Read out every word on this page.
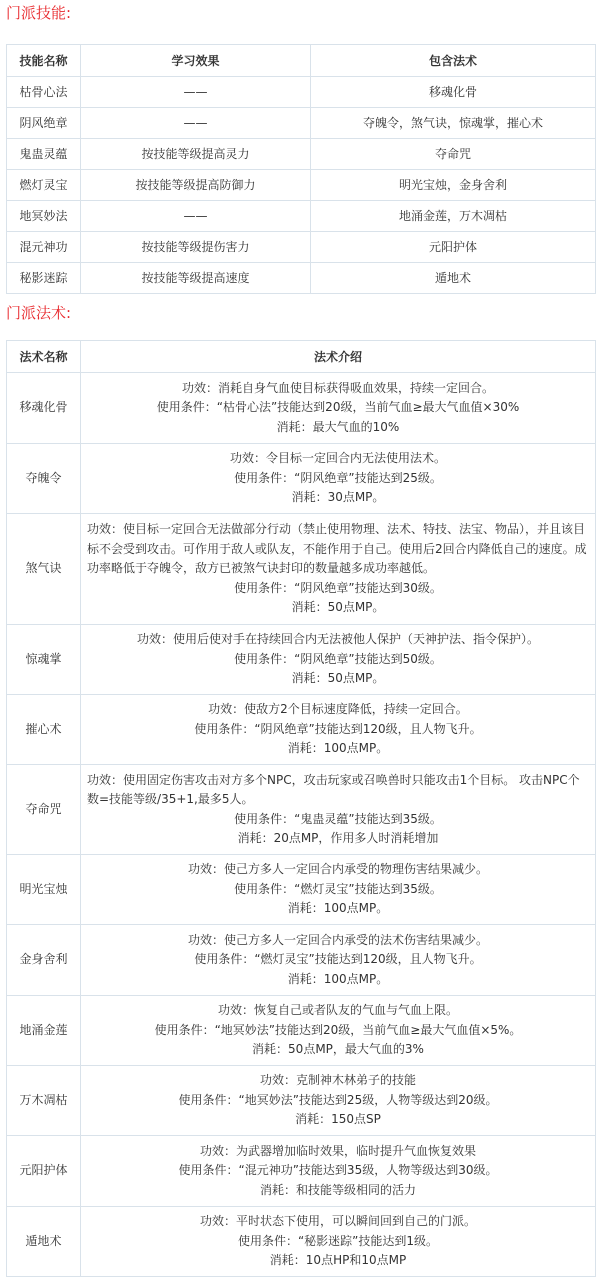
门派技能:
技能名称	学习效果	包含法术
枯骨心法	——	移魂化骨
阴风绝章	——	夺魄令，煞气诀，惊魂掌，摧心术
鬼蛊灵蕴	按技能等级提高灵力	夺命咒
燃灯灵宝	按技能等级提高防御力	明光宝烛，金身舍利
地冥妙法	——	地涌金莲，万木凋枯
混元神功	按技能等级提伤害力	元阳护体
秘影迷踪	按技能等级提高速度	遁地术
门派法术:
法术名称	法术介绍
移魂化骨	功效：消耗自身气血使目标获得吸血效果，持续一定回合。
使用条件：“枯骨心法”技能达到20级，当前气血≥最大气血值×30%
消耗：最大气血的10%

夺魄令	功效：令目标一定回合内无法使用法术。
使用条件：“阴风绝章”技能达到25级。
消耗：30点MP。

煞气诀	功效：使目标一定回合无法做部分行动（禁止使用物理、法术、特技、法宝、物品），并且该目标不会受到攻击。可作用于敌人或队友，不能作用于自己。使用后2回合内降低自己的速度。成功率略低于夺魄令，敌方已被煞气诀封印的数量越多成功率越低。
使用条件：“阴风绝章”技能达到30级。
消耗：50点MP。

惊魂掌	功效：使用后使对手在持续回合内无法被他人保护（天神护法、指令保护）。
使用条件：“阴风绝章”技能达到50级。
消耗：50点MP。

摧心术	功效：使敌方2个目标速度降低，持续一定回合。
使用条件：“阴风绝章”技能达到120级，且人物飞升。
消耗：100点MP。

夺命咒	功效：使用固定伤害攻击对方多个NPC，攻击玩家或召唤兽时只能攻击1个目标。 攻击NPC个数=技能等级/35+1,最多5人。
使用条件：“鬼蛊灵蕴”技能达到35级。
消耗：20点MP，作用多人时消耗增加

明光宝烛	功效：使己方多人一定回合内承受的物理伤害结果减少。
使用条件：“燃灯灵宝”技能达到35级。
消耗：100点MP。

金身舍利	功效：使己方多人一定回合内承受的法术伤害结果减少。
使用条件：“燃灯灵宝”技能达到120级，且人物飞升。
消耗：100点MP。

地涌金莲	功效：恢复自己或者队友的气血与气血上限。
使用条件：“地冥妙法”技能达到20级，当前气血≥最大气血值×5%。
消耗：50点MP，最大气血的3%

万木凋枯	功效：克制神木林弟子的技能
使用条件：“地冥妙法”技能达到25级，人物等级达到20级。
消耗：150点SP

元阳护体	功效：为武器增加临时效果，临时提升气血恢复效果
使用条件：“混元神功”技能达到35级，人物等级达到30级。
消耗：和技能等级相同的活力

遁地术	功效：平时状态下使用，可以瞬间回到自己的门派。
使用条件：“秘影迷踪”技能达到1级。
消耗：10点HP和10点MP
